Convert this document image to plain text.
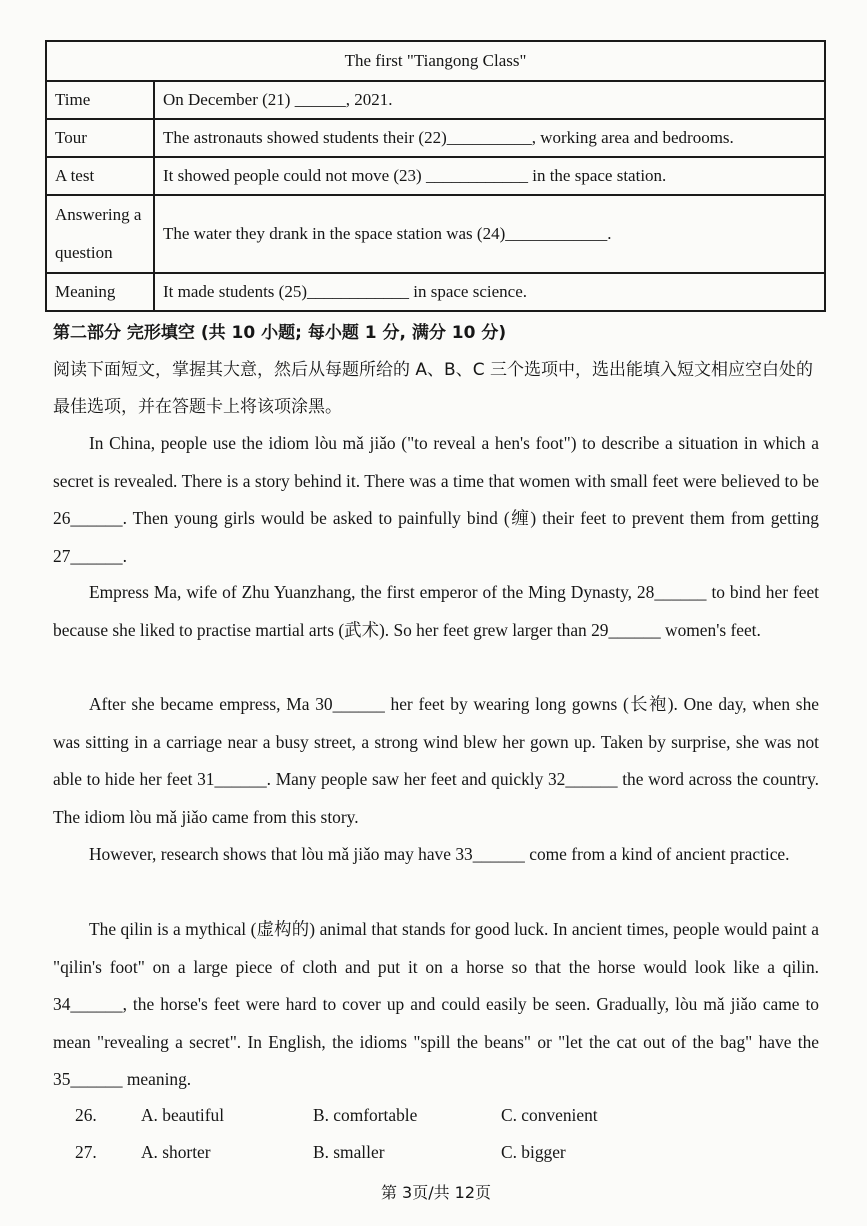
The first "Tiangong Class"	
Time	On December (21) ______, 2021.
Tour	The astronauts showed students their (22)__________, working area and bedrooms.
A test	It showed people could not move (23) ____________ in the space station.
Answering a question	The water they drank in the space station was (24)____________.
Meaning	It made students (25)____________ in space science.
第二部分 完形填空 (共 10 小题; 每小题 1 分, 满分 10 分)
阅读下面短文，掌握其大意，然后从每题所给的 A、B、C 三个选项中，选出能填入短文相应空白处的最佳选项，并在答题卡上将该项涂黑。
In China, people use the idiom lòu mǎ jiǎo ("to reveal a hen's foot") to describe a situation in which a secret is revealed. There is a story behind it. There was a time that women with small feet were believed to be 26______. Then young girls would be asked to painfully bind (缠) their feet to prevent them from getting 27______.
Empress Ma, wife of Zhu Yuanzhang, the first emperor of the Ming Dynasty, 28______ to bind her feet because she liked to practise martial arts (武术). So her feet grew larger than 29______ women's feet.
After she became empress, Ma 30______ her feet by wearing long gowns (长袍). One day, when she was sitting in a carriage near a busy street, a strong wind blew her gown up. Taken by surprise, she was not able to hide her feet 31______. Many people saw her feet and quickly 32______ the word across the country. The idiom lòu mǎ jiǎo came from this story.
However, research shows that lòu mǎ jiǎo may have 33______ come from a kind of ancient practice.
The qilin is a mythical (虚构的) animal that stands for good luck. In ancient times, people would paint a "qilin's foot" on a large piece of cloth and put it on a horse so that the horse would look like a qilin. 34______, the horse's feet were hard to cover up and could easily be seen. Gradually, lòu mǎ jiǎo came to mean "revealing a secret". In English, the idioms "spill the beans" or "let the cat out of the bag" have the 35______ meaning.
26.	A. beautiful	B. comfortable	C. convenient
27.	A. shorter	B. smaller	C. bigger
第 3页/共 12页
